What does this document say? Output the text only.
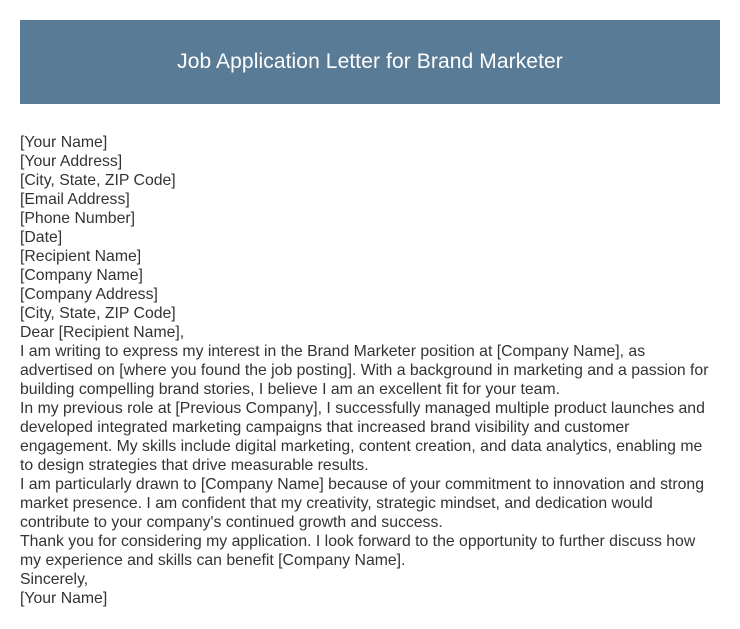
Job Application Letter for Brand Marketer
[Your Name]
[Your Address]
[City, State, ZIP Code]
[Email Address]
[Phone Number]
[Date]
[Recipient Name]
[Company Name]
[Company Address]
[City, State, ZIP Code]
Dear [Recipient Name],
I am writing to express my interest in the Brand Marketer position at [Company Name], as
advertised on [where you found the job posting]. With a background in marketing and a passion for
building compelling brand stories, I believe I am an excellent fit for your team.
In my previous role at [Previous Company], I successfully managed multiple product launches and
developed integrated marketing campaigns that increased brand visibility and customer
engagement. My skills include digital marketing, content creation, and data analytics, enabling me
to design strategies that drive measurable results.
I am particularly drawn to [Company Name] because of your commitment to innovation and strong
market presence. I am confident that my creativity, strategic mindset, and dedication would
contribute to your company's continued growth and success.
Thank you for considering my application. I look forward to the opportunity to further discuss how
my experience and skills can benefit [Company Name].
Sincerely,
[Your Name]
